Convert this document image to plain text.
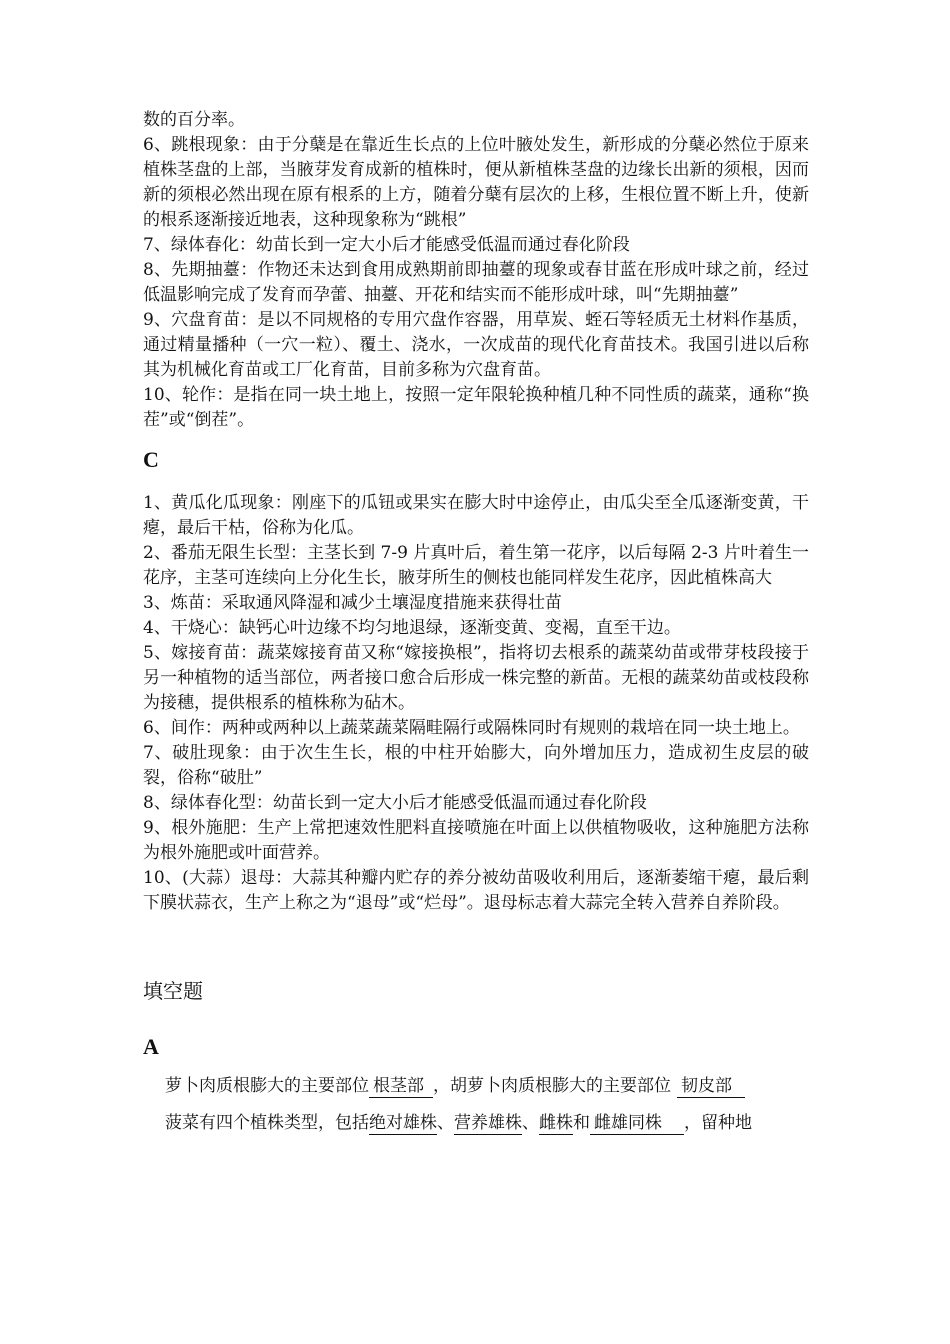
数的百分率。

6、跳根现象：由于分蘖是在靠近生长点的上位叶腋处发生，新形成的分蘖必然位于原来植株茎盘的上部，当腋芽发育成新的植株时，便从新植株茎盘的边缘长出新的须根，因而新的须根必然出现在原有根系的上方，随着分蘖有层次的上移，生根位置不断上升，使新的根系逐渐接近地表，这种现象称为“跳根”

7、绿体春化：幼苗长到一定大小后才能感受低温而通过春化阶段

8、先期抽薹：作物还未达到食用成熟期前即抽薹的现象或春甘蓝在形成叶球之前，经过低温影响完成了发育而孕蕾、抽薹、开花和结实而不能形成叶球，叫“先期抽薹”

9、穴盘育苗：是以不同规格的专用穴盘作容器，用草炭、蛭石等轻质无土材料作基质，通过精量播种（一穴一粒）、覆土、浇水，一次成苗的现代化育苗技术。我国引进以后称其为机械化育苗或工厂化育苗，目前多称为穴盘育苗。

10、轮作：是指在同一块土地上，按照一定年限轮换种植几种不同性质的蔬菜，通称“换茬”或“倒茬”。

C

1、黄瓜化瓜现象：刚座下的瓜钮或果实在膨大时中途停止，由瓜尖至全瓜逐渐变黄，干瘪，最后干枯，俗称为化瓜。

2、番茄无限生长型：主茎长到 7-9 片真叶后，着生第一花序，以后每隔 2-3 片叶着生一花序，主茎可连续向上分化生长，腋芽所生的侧枝也能同样发生花序，因此植株高大

3、炼苗：采取通风降湿和减少土壤湿度措施来获得壮苗

4、干烧心：缺钙心叶边缘不均匀地退绿，逐渐变黄、变褐，直至干边。

5、嫁接育苗：蔬菜嫁接育苗又称“嫁接换根”，指将切去根系的蔬菜幼苗或带芽枝段接于另一种植物的适当部位，两者接口愈合后形成一株完整的新苗。无根的蔬菜幼苗或枝段称为接穗，提供根系的植株称为砧木。

6、间作：两种或两种以上蔬菜蔬菜隔畦隔行或隔株同时有规则的栽培在同一块土地上。

7、破肚现象：由于次生生长，根的中柱开始膨大，向外增加压力，造成初生皮层的破裂，俗称“破肚”

8、绿体春化型：幼苗长到一定大小后才能感受低温而通过春化阶段

9、根外施肥：生产上常把速效性肥料直接喷施在叶面上以供植物吸收，这种施肥方法称为根外施肥或叶面营养。

10、(大蒜）退母：大蒜其种瓣内贮存的养分被幼苗吸收利用后，逐渐萎缩干瘪，最后剩下膜状蒜衣，生产上称之为“退母”或“烂母”。退母标志着大蒜完全转入营养自养阶段。

填空题
A

萝卜肉质根膨大的主要部位 根茎部 ，胡萝卜肉质根膨大的主要部位 韧皮部

菠菜有四个植株类型，包括绝对雄株、营养雄株、雌株和 雌雄同株 ，留种地
